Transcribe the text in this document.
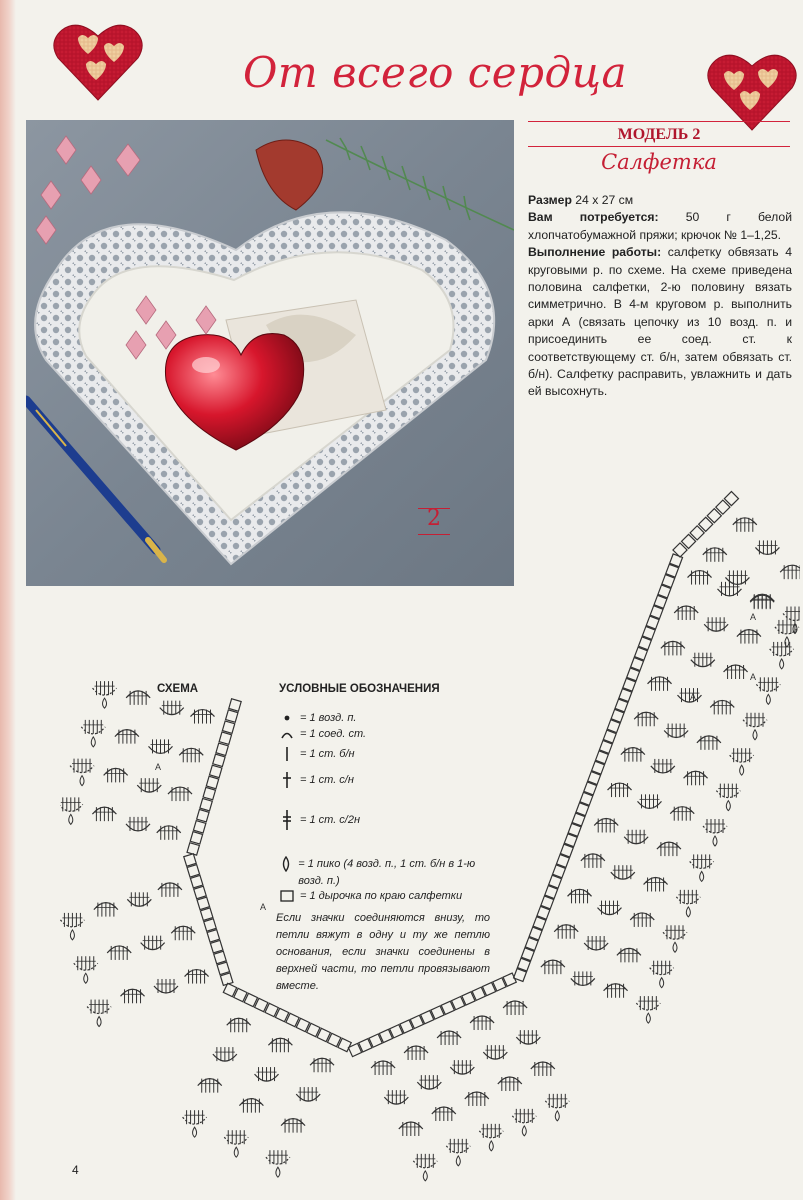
От всего сердца
МОДЕЛЬ 2
Салфетка
Размер 24 х 27 см
Вам потребуется: 50 г белой хлопчатобумажной пряжи; крючок № 1–1,25.
Выполнение работы: салфетку обвязать 4 круговыми р. по схеме. На схеме приведена половина салфетки, 2-ю половину вязать симметрично. В 4-м круговом р. выполнить арки А (связать цепочку из 10 возд. п. и присоединить ее соед. ст. к соответствующему ст. б/н, затем обвязать ст. б/н). Салфетку расправить, увлажнить и дать ей высохнуть.
2
СХЕМА	УСЛОВНЫЕ ОБОЗНАЧЕНИЯ
= 1 возд. п.
= 1 соед. ст.
= 1 ст. б/н
= 1 ст. с/н
= 1 ст. с/2н
= 1 пико (4 возд. п., 1 ст. б/н в 1-ю возд. п.)
= 1 дырочка по краю салфетки
Если значки соединяются внизу, то петли вяжут в одну и ту же петлю основания, если значки соединены в верхней части, то петли провязывают вместе.
A
A
A
A
A
4
